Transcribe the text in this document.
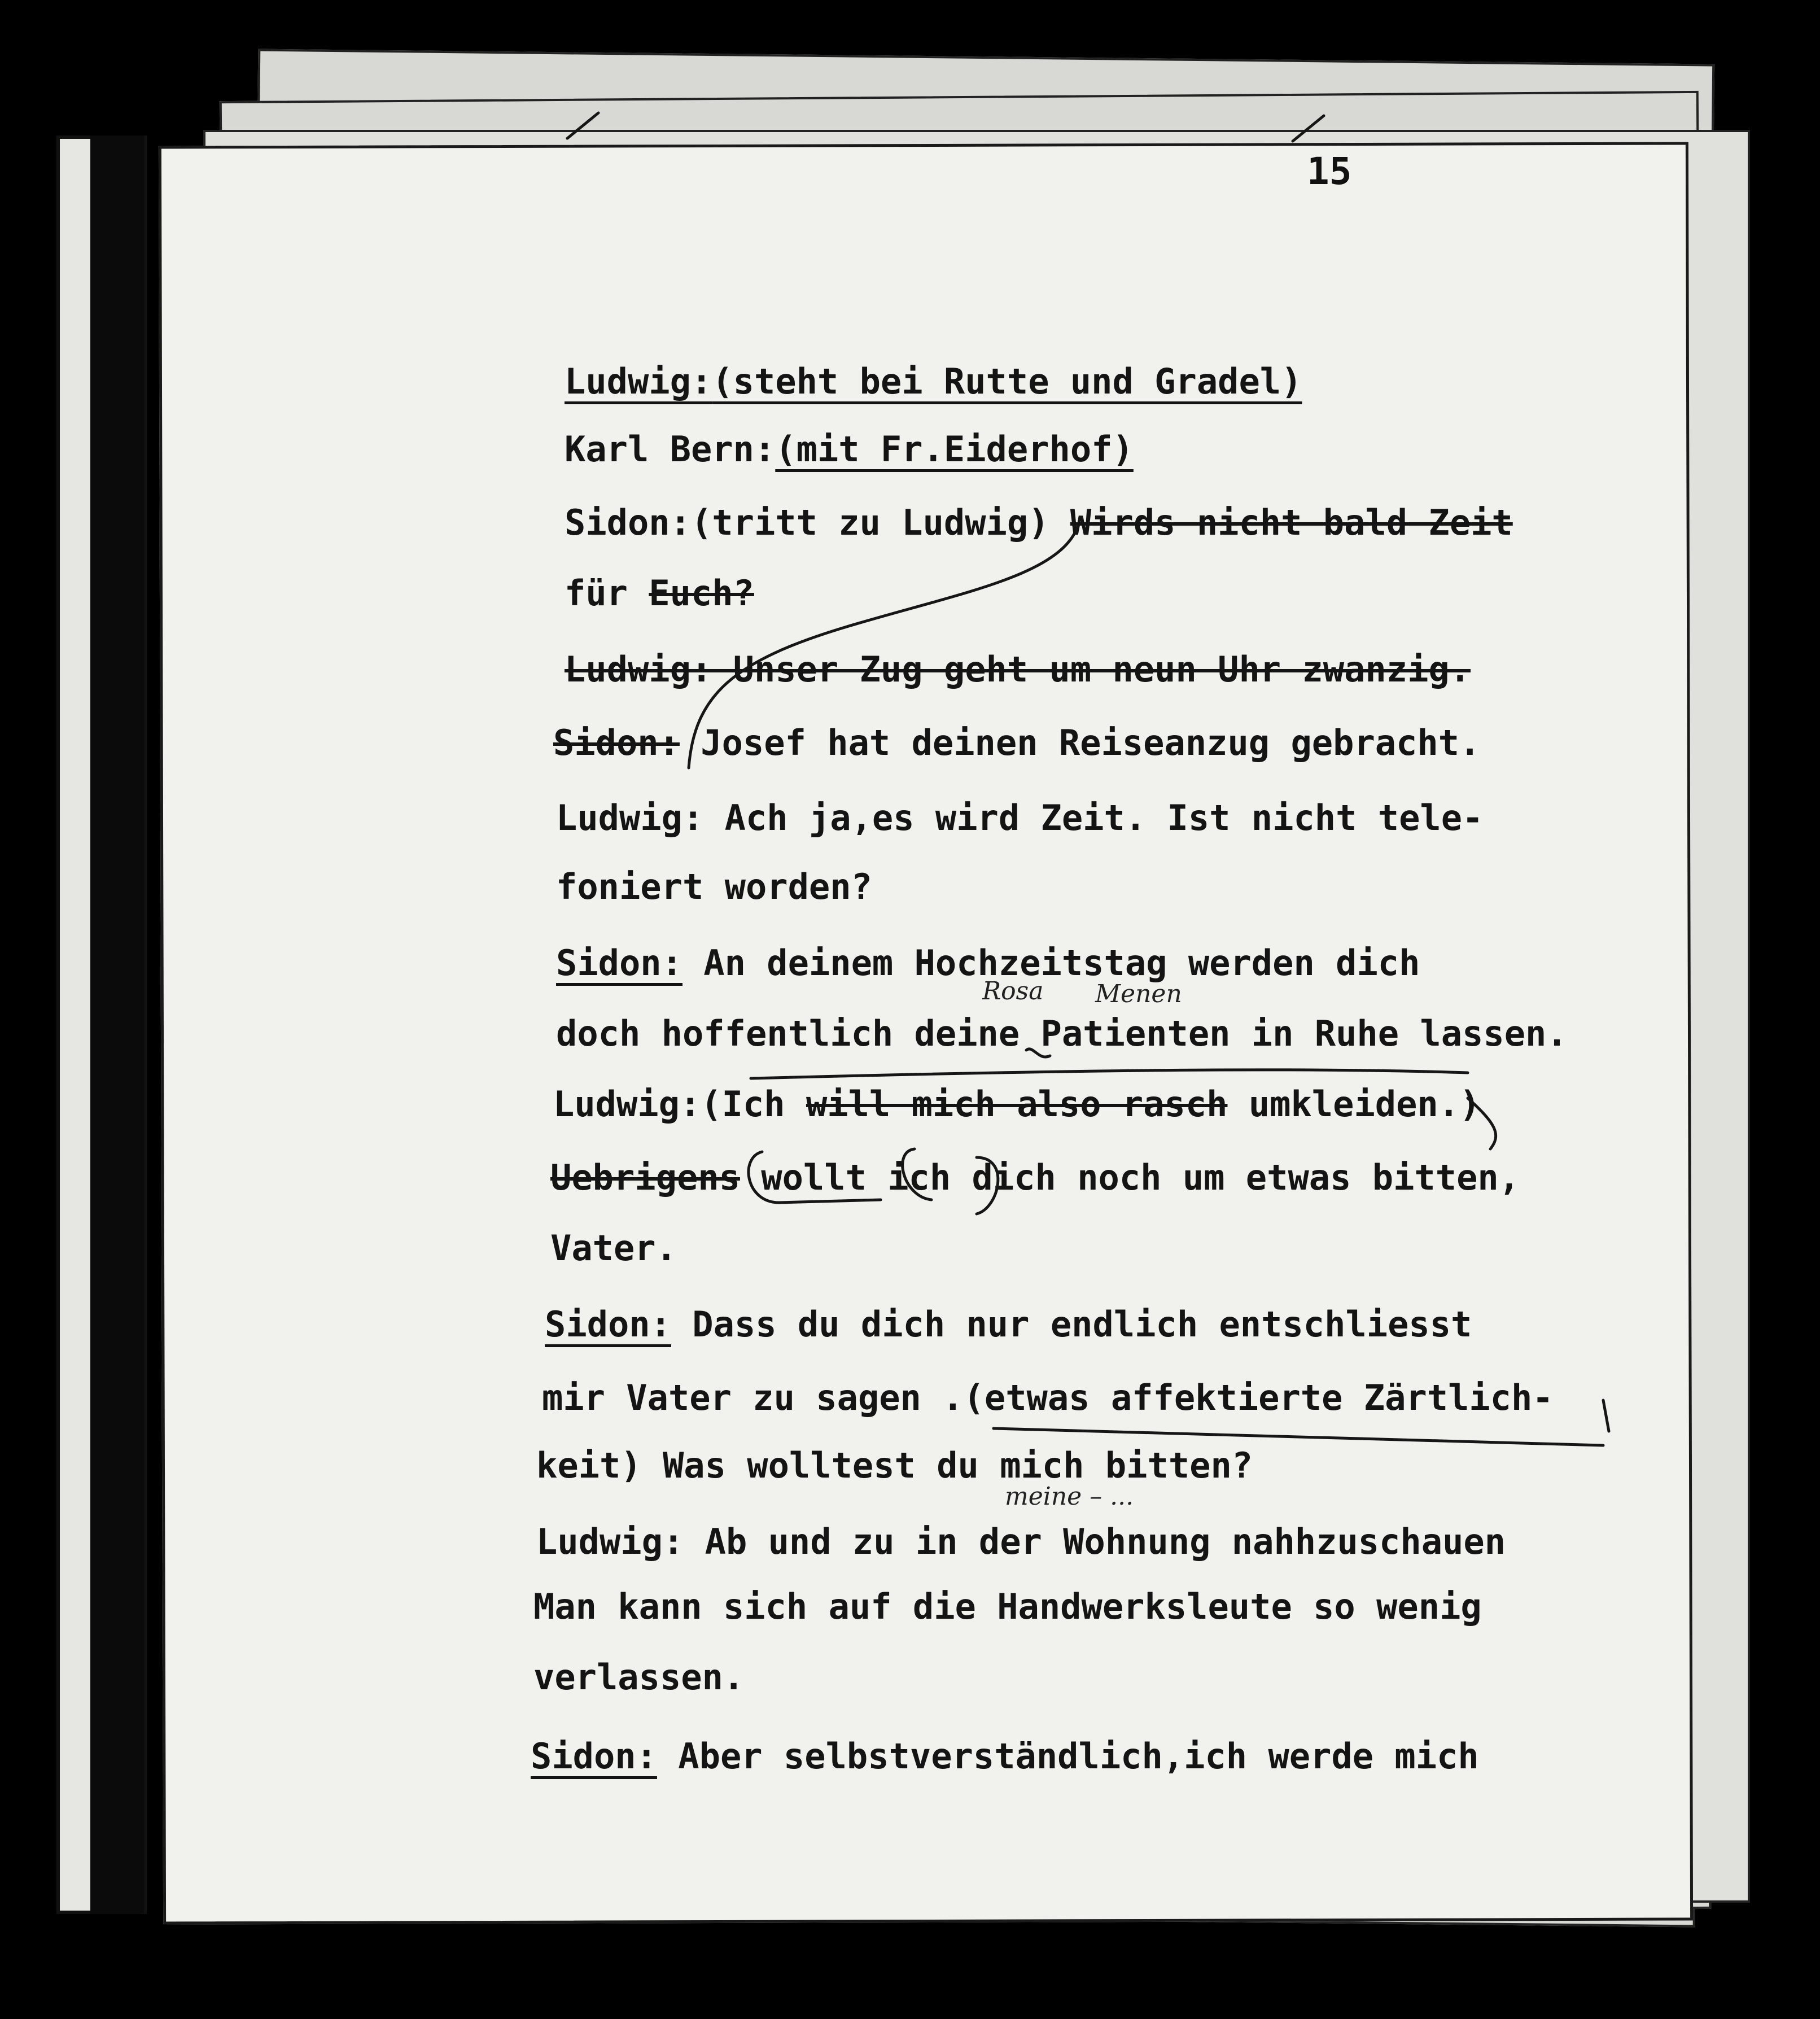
15
Ludwig:(steht bei Rutte und Gradel)
Karl Bern:(mit Fr.Eiderhof)
Sidon:(tritt zu Ludwig) Wirds nicht bald Zeit
für Euch?
Ludwig: Unser Zug geht um neun Uhr zwanzig.
Sidon: Josef hat deinen Reiseanzug gebracht.
Ludwig: Ach ja,es wird Zeit. Ist nicht tele-
foniert worden?
Sidon: An deinem Hochzeitstag werden dich
Rosa Menen
doch hoffentlich deine Patienten in Ruhe lassen.
Ludwig:(Ich will mich also rasch umkleiden.)
Uebrigens wollt ich dich noch um etwas bitten,
Vater.
Sidon: Dass du dich nur endlich entschliesst
mir Vater zu sagen .(etwas affektierte Zärtlich-
keit) Was wolltest du mich bitten?
meine – ...
Ludwig: Ab und zu in der Wohnung nahhzuschauen
Man kann sich auf die Handwerksleute so wenig
verlassen.
Sidon: Aber selbstverständlich,ich werde mich
